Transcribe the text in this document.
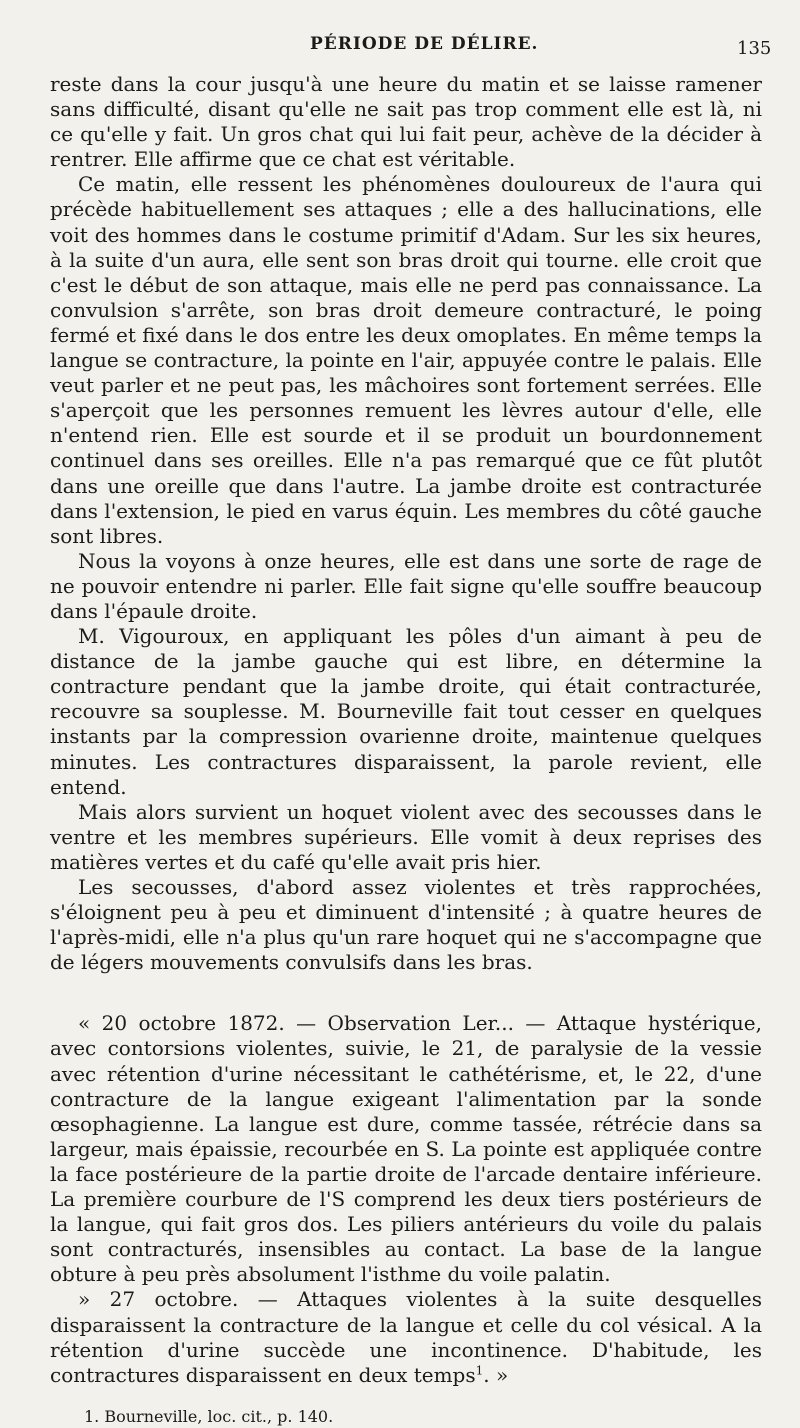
PÉRIODE DE DÉLIRE.	135

reste dans la cour jusqu'à une heure du matin et se laisse ramener sans difficulté, disant qu'elle ne sait pas trop comment elle est là, ni ce qu'elle y fait. Un gros chat qui lui fait peur, achève de la décider à rentrer. Elle affirme que ce chat est véritable.

Ce matin, elle ressent les phénomènes douloureux de l'aura qui précède habituellement ses attaques ; elle a des hallucinations, elle voit des hommes dans le costume primitif d'Adam. Sur les six heures, à la suite d'un aura, elle sent son bras droit qui tourne. elle croit que c'est le début de son attaque, mais elle ne perd pas connaissance. La convulsion s'arrête, son bras droit demeure contracturé, le poing fermé et fixé dans le dos entre les deux omoplates. En même temps la langue se contracture, la pointe en l'air, appuyée contre le palais. Elle veut parler et ne peut pas, les mâchoires sont fortement serrées. Elle s'aperçoit que les personnes remuent les lèvres autour d'elle, elle n'entend rien. Elle est sourde et il se produit un bourdonnement continuel dans ses oreilles. Elle n'a pas remarqué que ce fût plutôt dans une oreille que dans l'autre. La jambe droite est contracturée dans l'extension, le pied en varus équin. Les membres du côté gauche sont libres.

Nous la voyons à onze heures, elle est dans une sorte de rage de ne pouvoir entendre ni parler. Elle fait signe qu'elle souffre beaucoup dans l'épaule droite.

M. Vigouroux, en appliquant les pôles d'un aimant à peu de distance de la jambe gauche qui est libre, en détermine la contracture pendant que la jambe droite, qui était contracturée, recouvre sa souplesse. M. Bourneville fait tout cesser en quelques instants par la compression ovarienne droite, maintenue quelques minutes. Les contractures disparaissent, la parole revient, elle entend.

Mais alors survient un hoquet violent avec des secousses dans le ventre et les membres supérieurs. Elle vomit à deux reprises des matières vertes et du café qu'elle avait pris hier.

Les secousses, d'abord assez violentes et très rapprochées, s'éloignent peu à peu et diminuent d'intensité ; à quatre heures de l'après-midi, elle n'a plus qu'un rare hoquet qui ne s'accompagne que de légers mouvements convulsifs dans les bras.

« 20 octobre 1872. — Observation Ler... — Attaque hystérique, avec contorsions violentes, suivie, le 21, de paralysie de la vessie avec rétention d'urine nécessitant le cathétérisme, et, le 22, d'une contracture de la langue exigeant l'alimentation par la sonde œsophagienne. La langue est dure, comme tassée, rétrécie dans sa largeur, mais épaissie, recourbée en S. La pointe est appliquée contre la face postérieure de la partie droite de l'arcade dentaire inférieure. La première courbure de l'S comprend les deux tiers postérieurs de la langue, qui fait gros dos. Les piliers antérieurs du voile du palais sont contracturés, insensibles au contact. La base de la langue obture à peu près absolument l'isthme du voile palatin.

» 27 octobre. — Attaques violentes à la suite desquelles disparaissent la contracture de la langue et celle du col vésical. A la rétention d'urine succède une incontinence. D'habitude, les contractures disparaissent en deux temps$^1$. »

1. Bourneville, loc. cit., p. 140.
